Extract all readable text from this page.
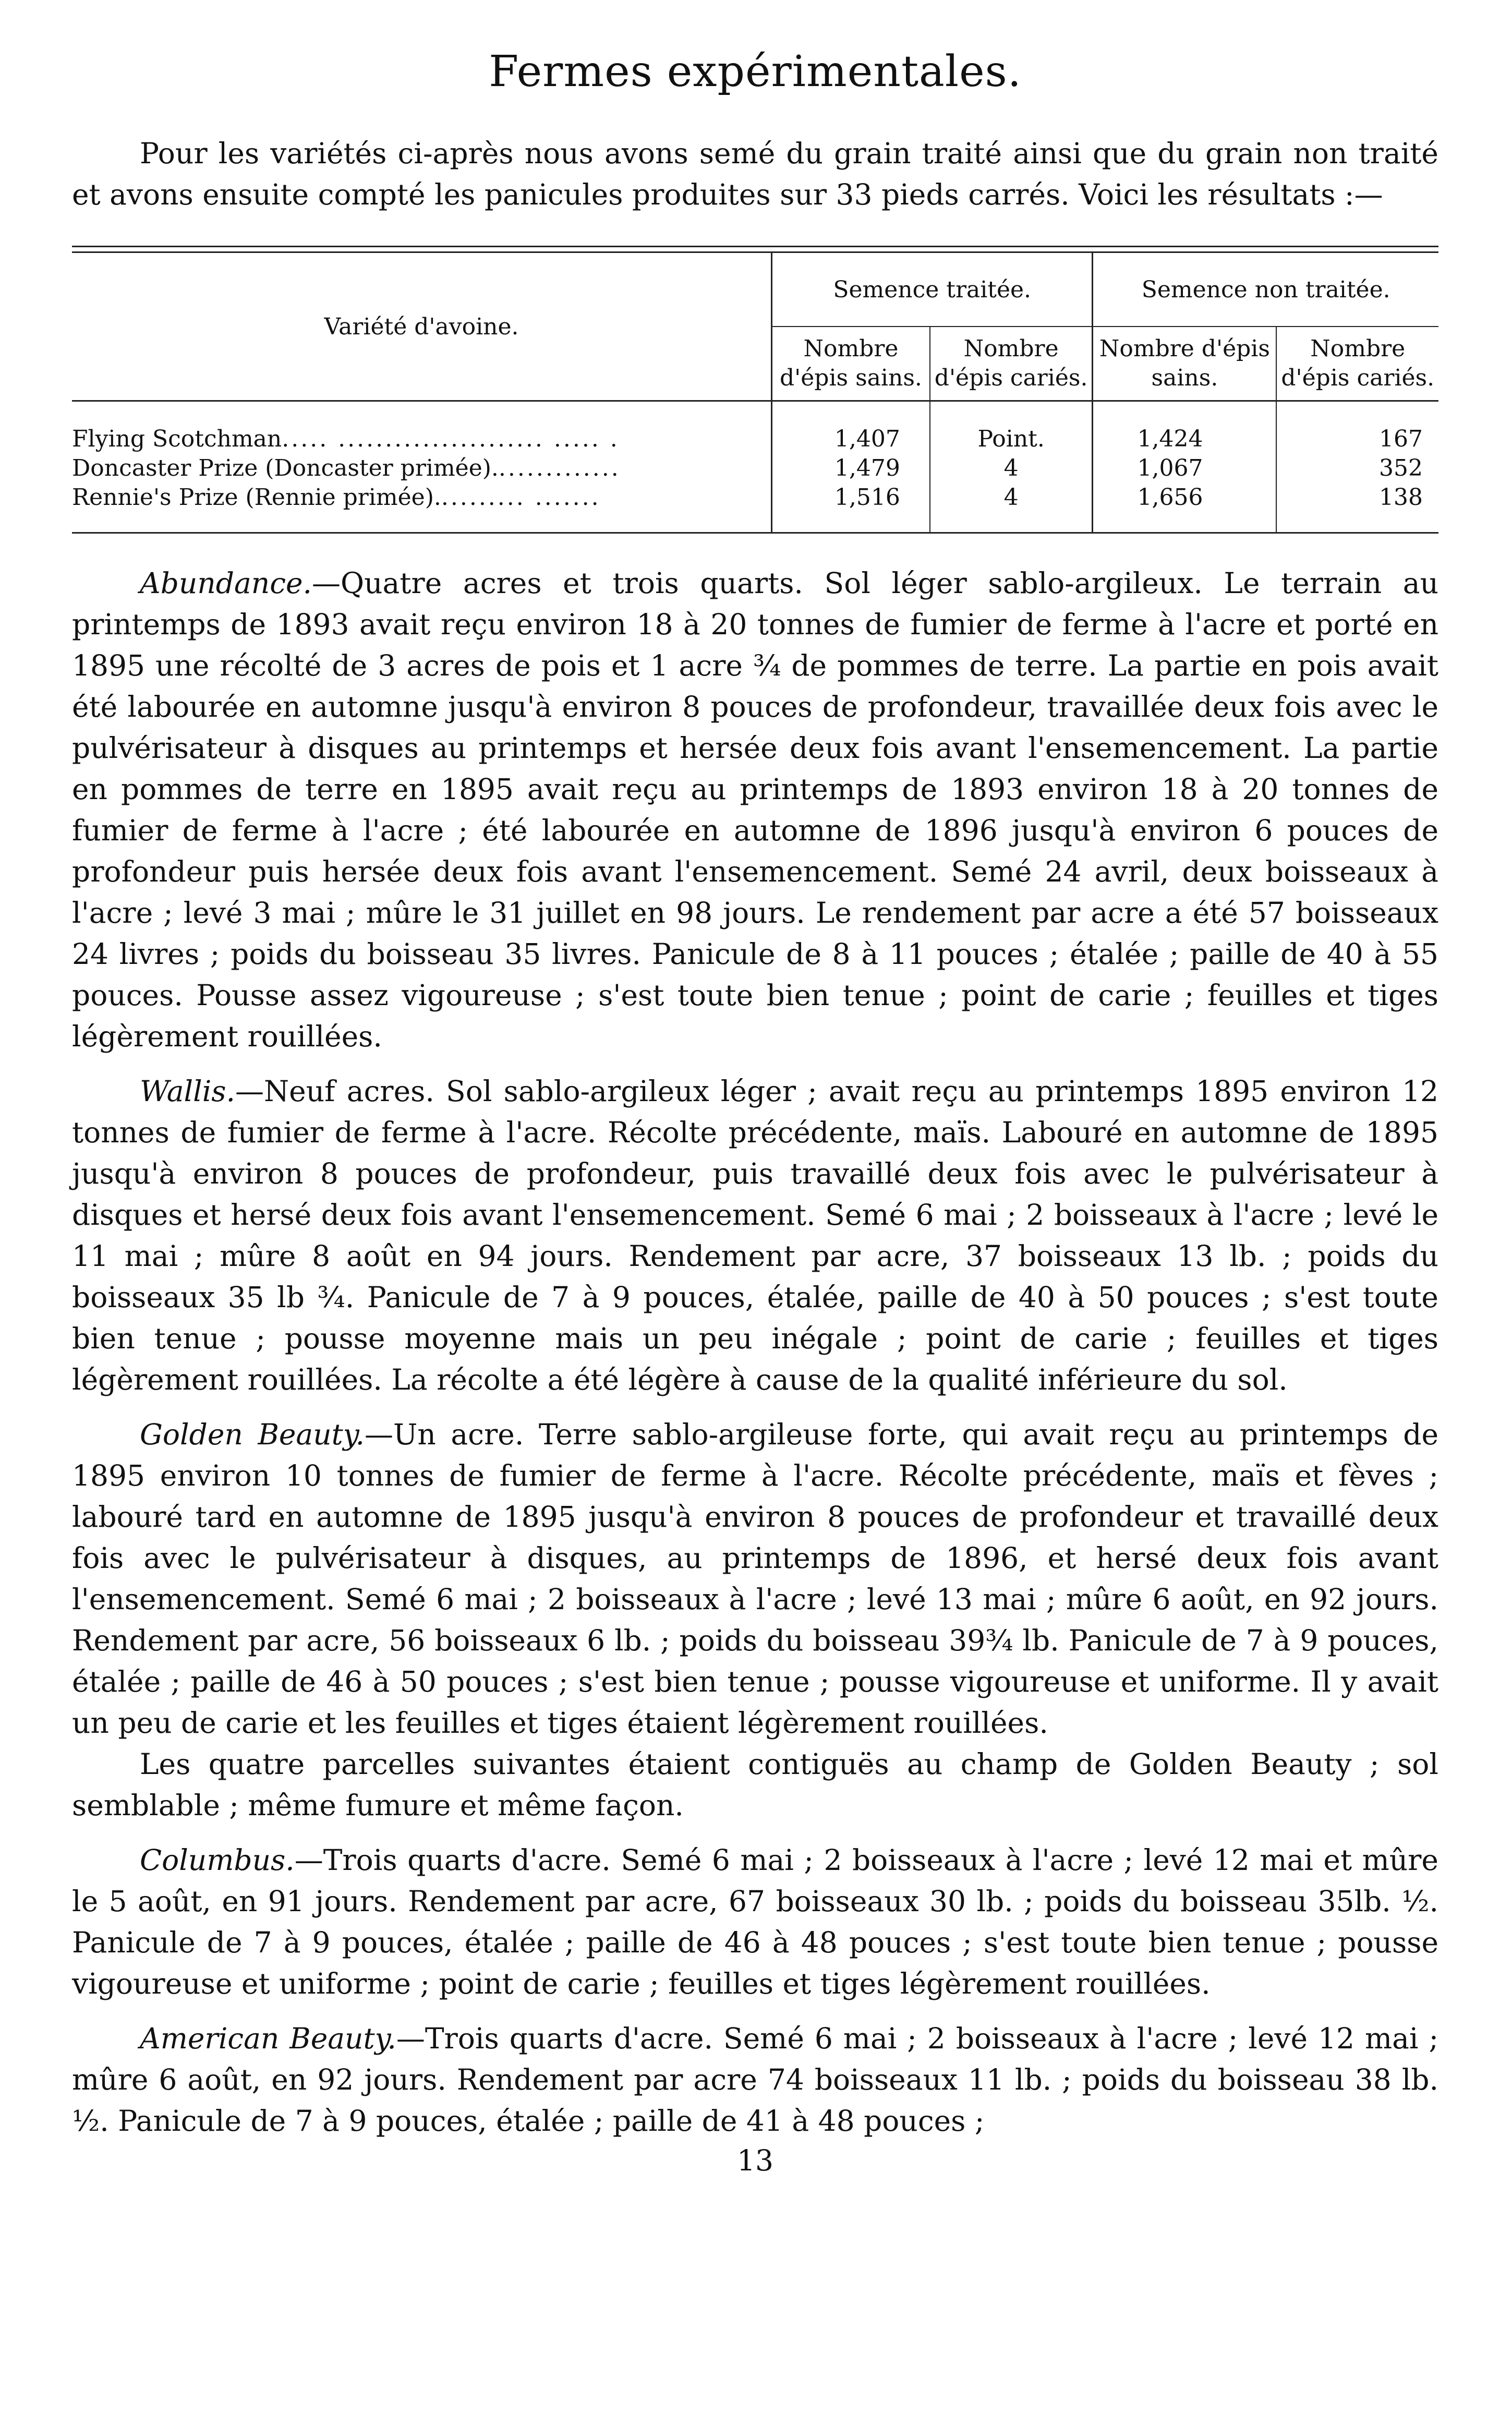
Fermes expérimentales.

Pour les variétés ci-après nous avons semé du grain traité ainsi que du grain non traité et avons ensuite compté les panicules produites sur 33 pieds carrés. Voici les résultats :—

Variété d'avoine.	Semence traitée.		Semence non traitée.	
	Nombre d'épis sains.	Nombre d'épis cariés.	Nombre d'épis sains.	Nombre d'épis cariés.
Flying Scotchman..... ...................... ..... .	1,407	Point.	1,424	167
Doncaster Prize (Doncaster primée)..............	1,479	4	1,067	352
Rennie's Prize (Rennie primée).......... .......	1,516	4	1,656	138

Abundance.—Quatre acres et trois quarts. Sol léger sablo-argileux. Le terrain au printemps de 1893 avait reçu environ 18 à 20 tonnes de fumier de ferme à l'acre et porté en 1895 une récolté de 3 acres de pois et 1 acre ¾ de pommes de terre. La partie en pois avait été labourée en automne jusqu'à environ 8 pouces de profondeur, travaillée deux fois avec le pulvérisateur à disques au printemps et hersée deux fois avant l'ensemencement. La partie en pommes de terre en 1895 avait reçu au printemps de 1893 environ 18 à 20 tonnes de fumier de ferme à l'acre ; été labourée en automne de 1896 jusqu'à environ 6 pouces de profondeur puis hersée deux fois avant l'ensemencement. Semé 24 avril, deux boisseaux à l'acre ; levé 3 mai ; mûre le 31 juillet en 98 jours. Le rendement par acre a été 57 boisseaux 24 livres ; poids du boisseau 35 livres. Panicule de 8 à 11 pouces ; étalée ; paille de 40 à 55 pouces. Pousse assez vigoureuse ; s'est toute bien tenue ; point de carie ; feuilles et tiges légèrement rouillées.

Wallis.—Neuf acres. Sol sablo-argileux léger ; avait reçu au printemps 1895 environ 12 tonnes de fumier de ferme à l'acre. Récolte précédente, maïs. Labouré en automne de 1895 jusqu'à environ 8 pouces de profondeur, puis travaillé deux fois avec le pulvérisateur à disques et hersé deux fois avant l'ensemencement. Semé 6 mai ; 2 boisseaux à l'acre ; levé le 11 mai ; mûre 8 août en 94 jours. Rendement par acre, 37 boisseaux 13 lb. ; poids du boisseaux 35 lb ¾. Panicule de 7 à 9 pouces, étalée, paille de 40 à 50 pouces ; s'est toute bien tenue ; pousse moyenne mais un peu inégale ; point de carie ; feuilles et tiges légèrement rouillées. La récolte a été légère à cause de la qualité inférieure du sol.

Golden Beauty.—Un acre. Terre sablo-argileuse forte, qui avait reçu au printemps de 1895 environ 10 tonnes de fumier de ferme à l'acre. Récolte précédente, maïs et fèves ; labouré tard en automne de 1895 jusqu'à environ 8 pouces de profondeur et travaillé deux fois avec le pulvérisateur à disques, au printemps de 1896, et hersé deux fois avant l'ensemencement. Semé 6 mai ; 2 boisseaux à l'acre ; levé 13 mai ; mûre 6 août, en 92 jours. Rendement par acre, 56 boisseaux 6 lb. ; poids du boisseau 39¾ lb. Panicule de 7 à 9 pouces, étalée ; paille de 46 à 50 pouces ; s'est bien tenue ; pousse vigoureuse et uniforme. Il y avait un peu de carie et les feuilles et tiges étaient légèrement rouillées.

Les quatre parcelles suivantes étaient contiguës au champ de Golden Beauty ; sol semblable ; même fumure et même façon.

Columbus.—Trois quarts d'acre. Semé 6 mai ; 2 boisseaux à l'acre ; levé 12 mai et mûre le 5 août, en 91 jours. Rendement par acre, 67 boisseaux 30 lb. ; poids du boisseau 35lb. ½. Panicule de 7 à 9 pouces, étalée ; paille de 46 à 48 pouces ; s'est toute bien tenue ; pousse vigoureuse et uniforme ; point de carie ; feuilles et tiges légèrement rouillées.

American Beauty.—Trois quarts d'acre. Semé 6 mai ; 2 boisseaux à l'acre ; levé 12 mai ; mûre 6 août, en 92 jours. Rendement par acre 74 boisseaux 11 lb. ; poids du boisseau 38 lb. ½. Panicule de 7 à 9 pouces, étalée ; paille de 41 à 48 pouces ;

13
